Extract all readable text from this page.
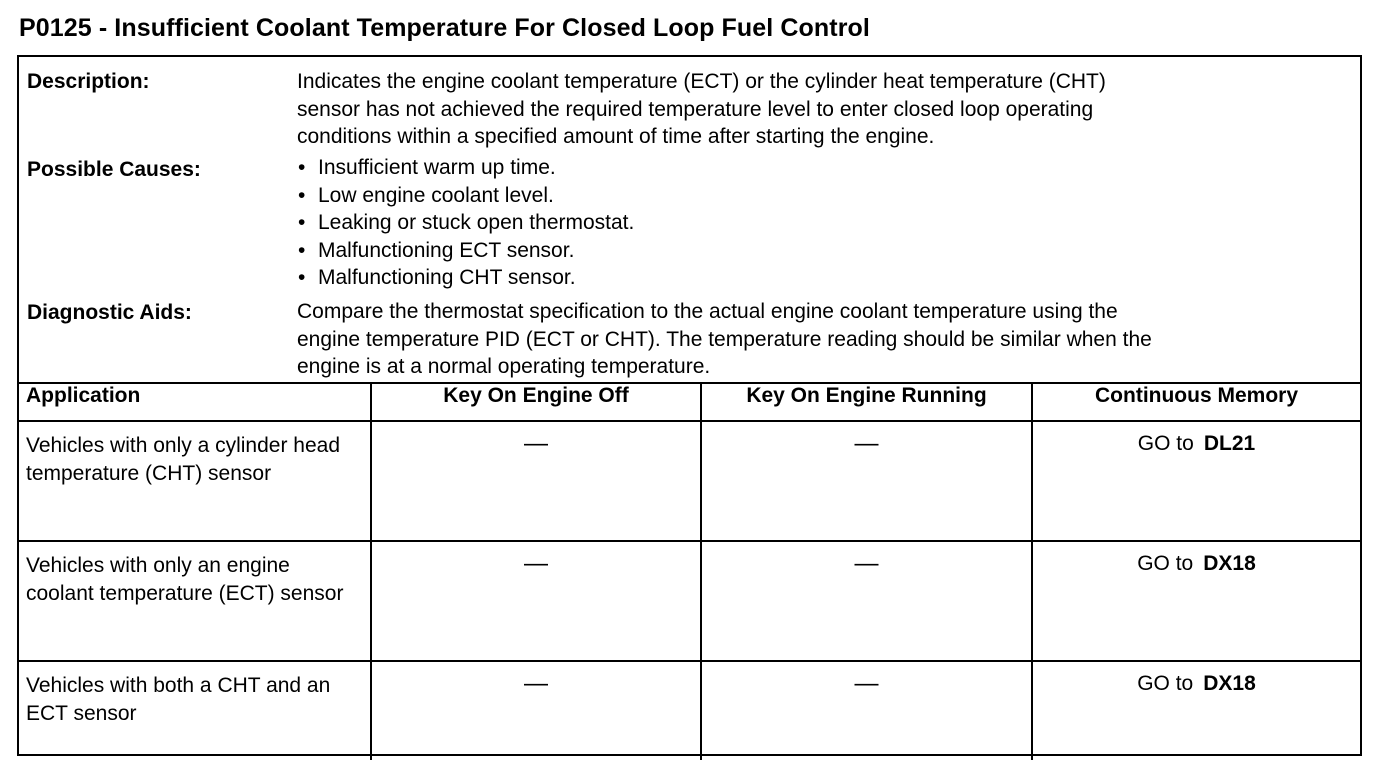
P0125 - Insufficient Coolant Temperature For Closed Loop Fuel Control
Description:	Indicates the engine coolant temperature (ECT) or the cylinder heat temperature (CHT)
sensor has not achieved the required temperature level to enter closed loop operating
conditions within a specified amount of time after starting the engine.
Possible Causes:	• Insufficient warm up time.
• Low engine coolant level.
• Leaking or stuck open thermostat.
• Malfunctioning ECT sensor.
• Malfunctioning CHT sensor.
Diagnostic Aids:	Compare the thermostat specification to the actual engine coolant temperature using the
engine temperature PID (ECT or CHT). The temperature reading should be similar when the
engine is at a normal operating temperature.
Application	Key On Engine Off	Key On Engine Running	Continuous Memory
Vehicles with only a cylinder head temperature (CHT) sensor	—	—	GO to DL21
Vehicles with only an engine coolant temperature (ECT) sensor	—	—	GO to DX18
Vehicles with both a CHT and an ECT sensor	—	—	GO to DX18
